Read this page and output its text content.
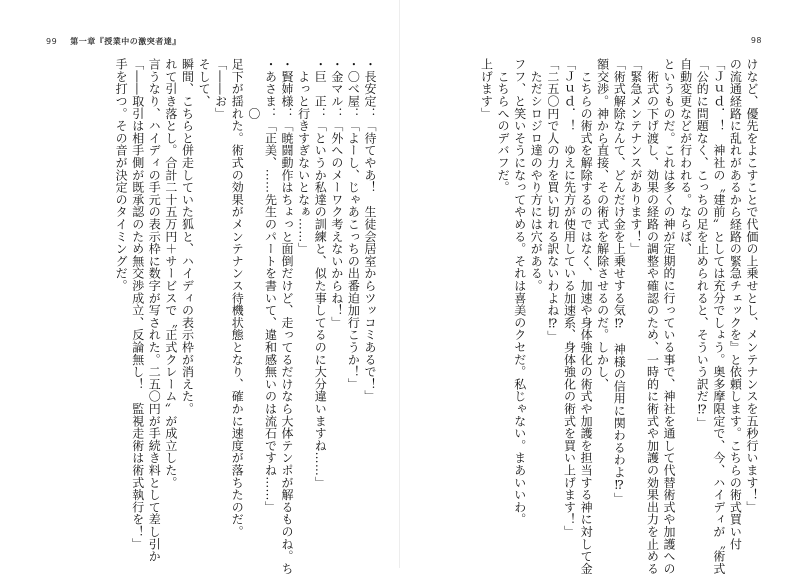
99 第一章『授業中の激突者達』
・長安定：「待てやあ！　生徒会居室からツッコミあるで！」
・〇べ屋：「よーし、じゃあこっちの出番迫加行こうか！」
・金マル：「外へのメーワク考えないからね！」
・巨　正：「というか私達の訓練と、似た事してるのに大分違いますね……」
　よっと行きすぎないとなぁ……」
・賢姉様：「暁闘動作はちょっと面倒だけど、走ってるだけなら大体テンポが解るものね。ち
・あさま：「正美、……先生のパートを書いて、違和感無いのは流石ですね……」
　　　　〇
足下が揺れた。術式の効果がメンテナンス待機状態となり、確かに速度が落ちたのだ。
「――お」
そして、
瞬間、こちらと併走していた狐と、ハイディの表示枠が消えた。
れて引き落とし。合計二十五万円＋サービスで〝正式クレーム〟が成立した。
言うなり、ハイディの手元の表示枠に数字が写された。二五〇円が手続き料として差し引か
「――取引は相手側が既承認のため無交渉成立、反論無し！　監視走術は術式執行を！」
手を打つ。その音が決定のタイミングだ。
98
けなど、優先をよこすことで代価の上乗せとし、メンテナンスを五秒行います！」
の流通経路に乱れがあるから経路の緊急チェックを』と依頼します。こちらの術式買い付
「Ｊｕｄ．！　神社の〝建前〟としては充分でしょう。奥多摩限定で、今、ハイディが〝術式
「公的に問題なく、こっちの足を止められると、そういう訳だ⁉」
自動変更などが行われる。ならば、
というものだ。これは多くの神が定期的に行っている事で、神社を通して代替術式や加護への
　術式の下げ渡し、効果の経路の調整や確認のため、一時的に術式や加護の効果出力を止める
「緊急メンテナンスがあります！」
「術式解除なんて、どんだけ金を上乗せする気⁉　神様の信用に関わるわよ⁉」
額交渉。神から直接、その術式を解除させるのだ。しかし、
　こちらの術式を解除するのではなく、加速や身体強化の術式や加護を担当する神に対して金
「Ｊｕｄ．！　ゆえに先方が使用している加速系、身体強化の術式を買い上げます！」
「二五〇円で人の力を買い切れる訳ないわよね⁉」
　ただシロジロ達のやり方には穴がある。
フフ、と笑いそうになってやめる。それは喜美のクセだ。私じゃない。まあいいわ。
　こちらへのデバフだ。
上げます」
